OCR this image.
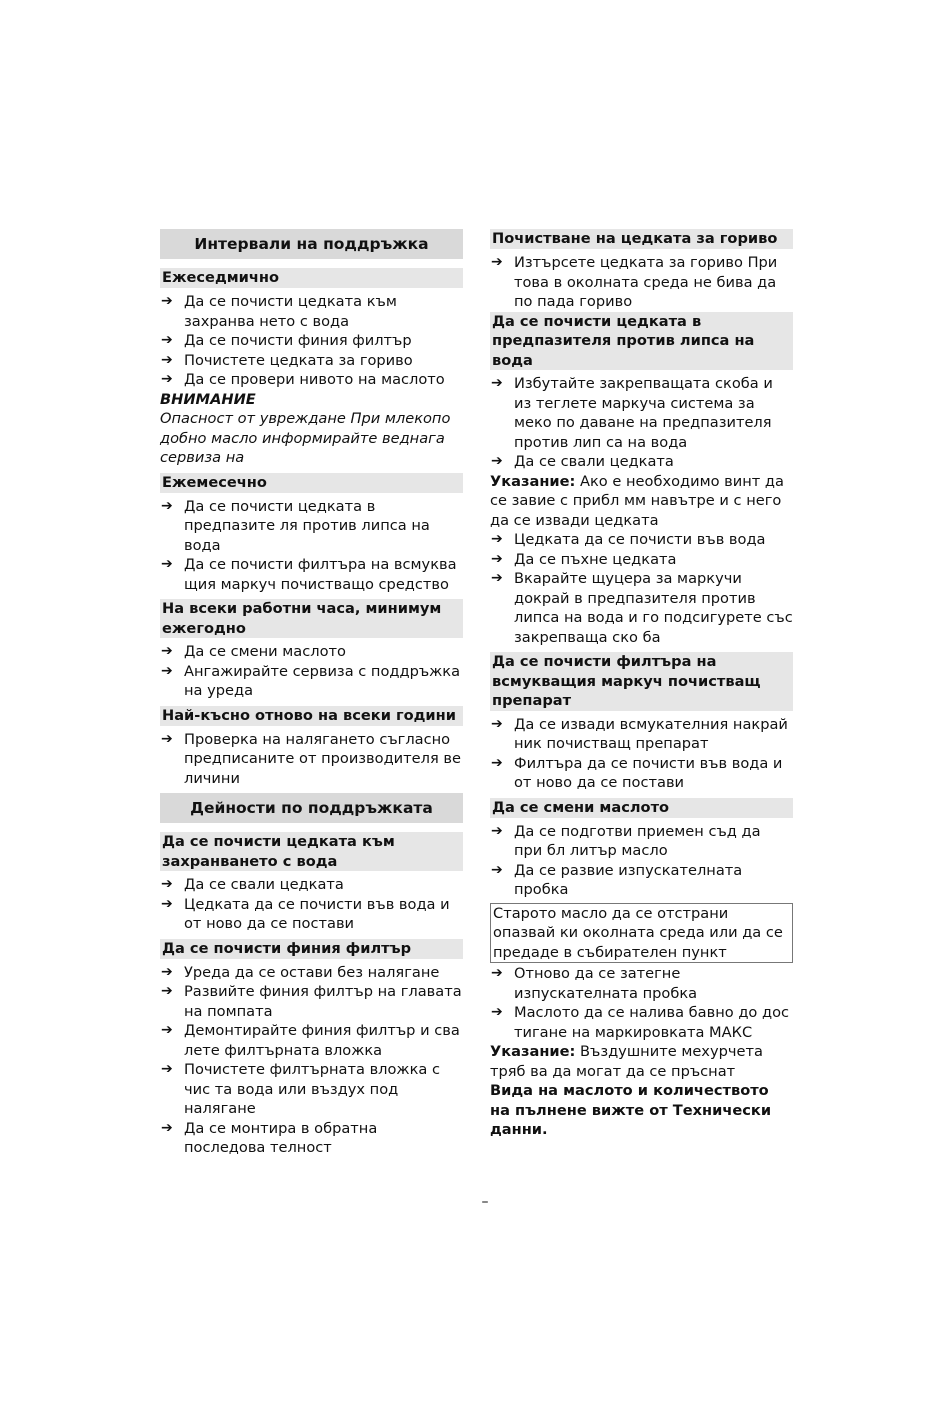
Интервали на поддръжка
Ежеседмично
➔ Да се почисти цедката към захранва нето с вода
➔ Да се почисти финия филтър
➔ Почистете цедката за гориво
➔ Да се провери нивото на маслото
ВНИМАНИЕ
Опасност от увреждане При млекопо добно масло информирайте веднага сервиза на
Ежемесечно
➔ Да се почисти цедката в предпазите ля против липса на вода
➔ Да се почисти филтъра на всмуква щия маркуч почистващо средство
На всеки работни часа, минимум ежегодно
➔ Да се смени маслото
➔ Ангажирайте сервиза с поддръжка на уреда
Най-късно отново на всеки години
➔ Проверка на налягането съгласно предписаните от производителя ве личини
Дейности по поддръжката
Да се почисти цедката към захранването с вода
➔ Да се свали цедката
➔ Цедката да се почисти във вода и от ново да се постави
Да се почисти финия филтър
➔ Уреда да се остави без налягане
➔ Развийте финия филтър на главата на помпата
➔ Демонтирайте финия филтър и сва лете филтърната вложка
➔ Почистете филтърната вложка с чис та вода или въздух под налягане
➔ Да се монтира в обратна последова телност
Почистване на цедката за гориво
➔ Изтърсете цедката за гориво При това в околната среда не бива да по пада гориво
Да се почисти цедката в предпазителя против липса на вода
➔ Избутайте закрепващата скоба и из теглете маркуча система за меко по даване на предпазителя против лип са на вода
➔ Да се свали цедката
Указание: Ако е необходимо винт да се завие с прибл мм навътре и с него да се извади цедката
➔ Цедката да се почисти във вода
➔ Да се пъхне цедката
➔ Вкарайте щуцера за маркучи докрай в предпазителя против липса на вода и го подсигурете със закрепваща ско ба
Да се почисти филтъра на всмукващия маркуч почистващ препарат
➔ Да се извади всмукателния накрай ник почистващ препарат
➔ Филтъра да се почисти във вода и от ново да се постави
Да се смени маслото
➔ Да се подготви приемен съд да при бл литър масло
➔ Да се развие изпускателната пробка
Старото масло да се отстрани опазвай ки околната среда или да се предаде в събирателен пункт
➔ Отново да се затегне изпускателната пробка
➔ Маслото да се налива бавно до дос тигане на маркировката МАКС
Указание: Въздушните мехурчета тряб ва да могат да се пръснат
Вида на маслото и количеството на пълнене вижте от Технически данни.
–
